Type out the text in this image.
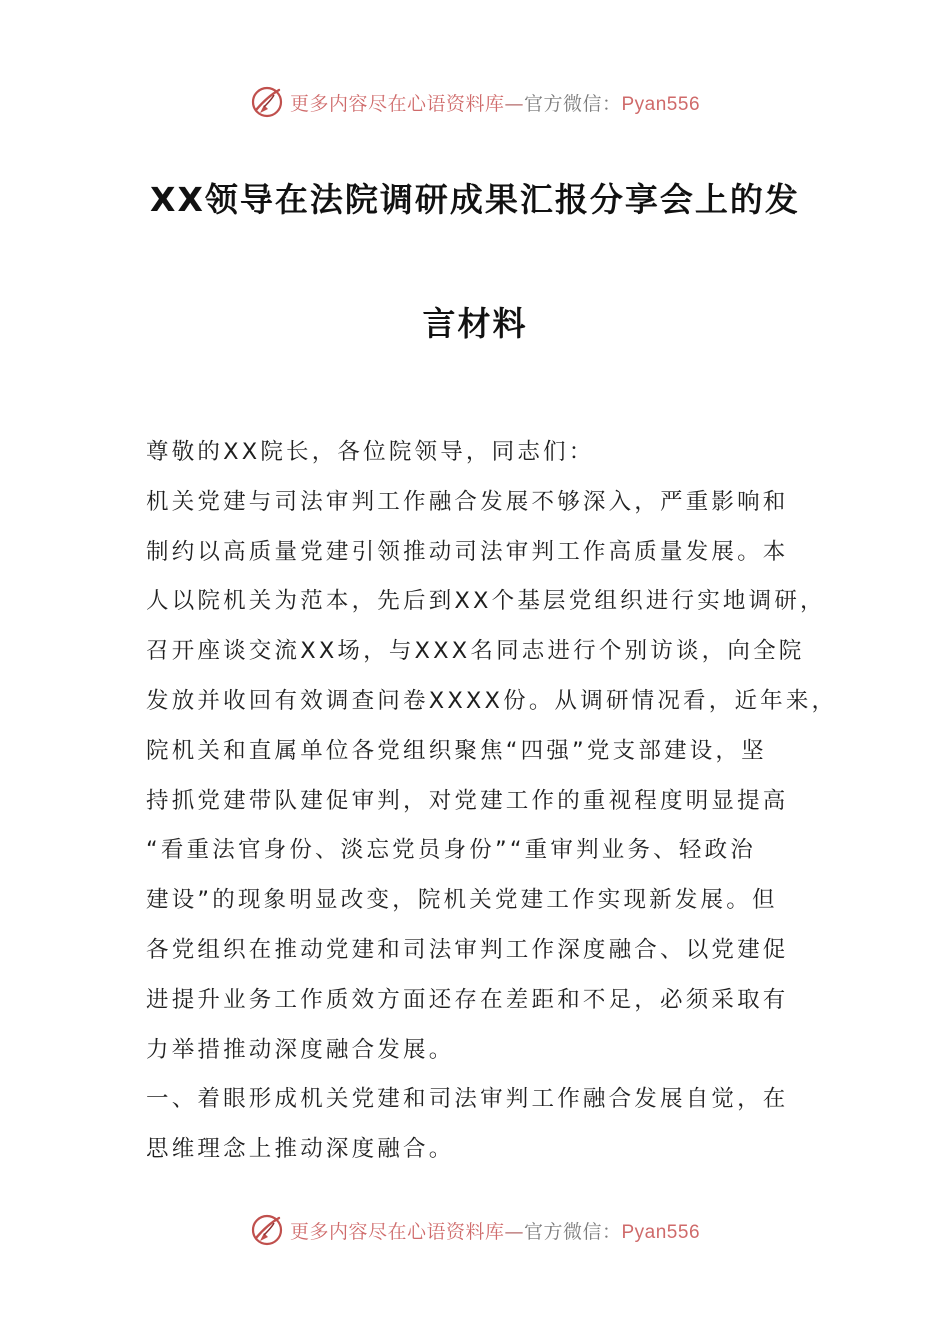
更多内容尽在心语资料库—官方微信：Pyan556
XX领导在法院调研成果汇报分享会上的发
言材料

尊敬的XX院长，各位院领导，同志们：

机关党建与司法审判工作融合发展不够深入，严重影响和

制约以高质量党建引领推动司法审判工作高质量发展。本

人以院机关为范本，先后到XX个基层党组织进行实地调研，

召开座谈交流XX场，与XXX名同志进行个别访谈，向全院

发放并收回有效调查问卷XXXX份。从调研情况看，近年来，

院机关和直属单位各党组织聚焦“四强”党支部建设，坚

持抓党建带队建促审判，对党建工作的重视程度明显提高

“看重法官身份、淡忘党员身份”“重审判业务、轻政治

建设”的现象明显改变，院机关党建工作实现新发展。但

各党组织在推动党建和司法审判工作深度融合、以党建促

进提升业务工作质效方面还存在差距和不足，必须采取有

力举措推动深度融合发展。

一、着眼形成机关党建和司法审判工作融合发展自觉，在

思维理念上推动深度融合。

更多内容尽在心语资料库—官方微信：Pyan556
